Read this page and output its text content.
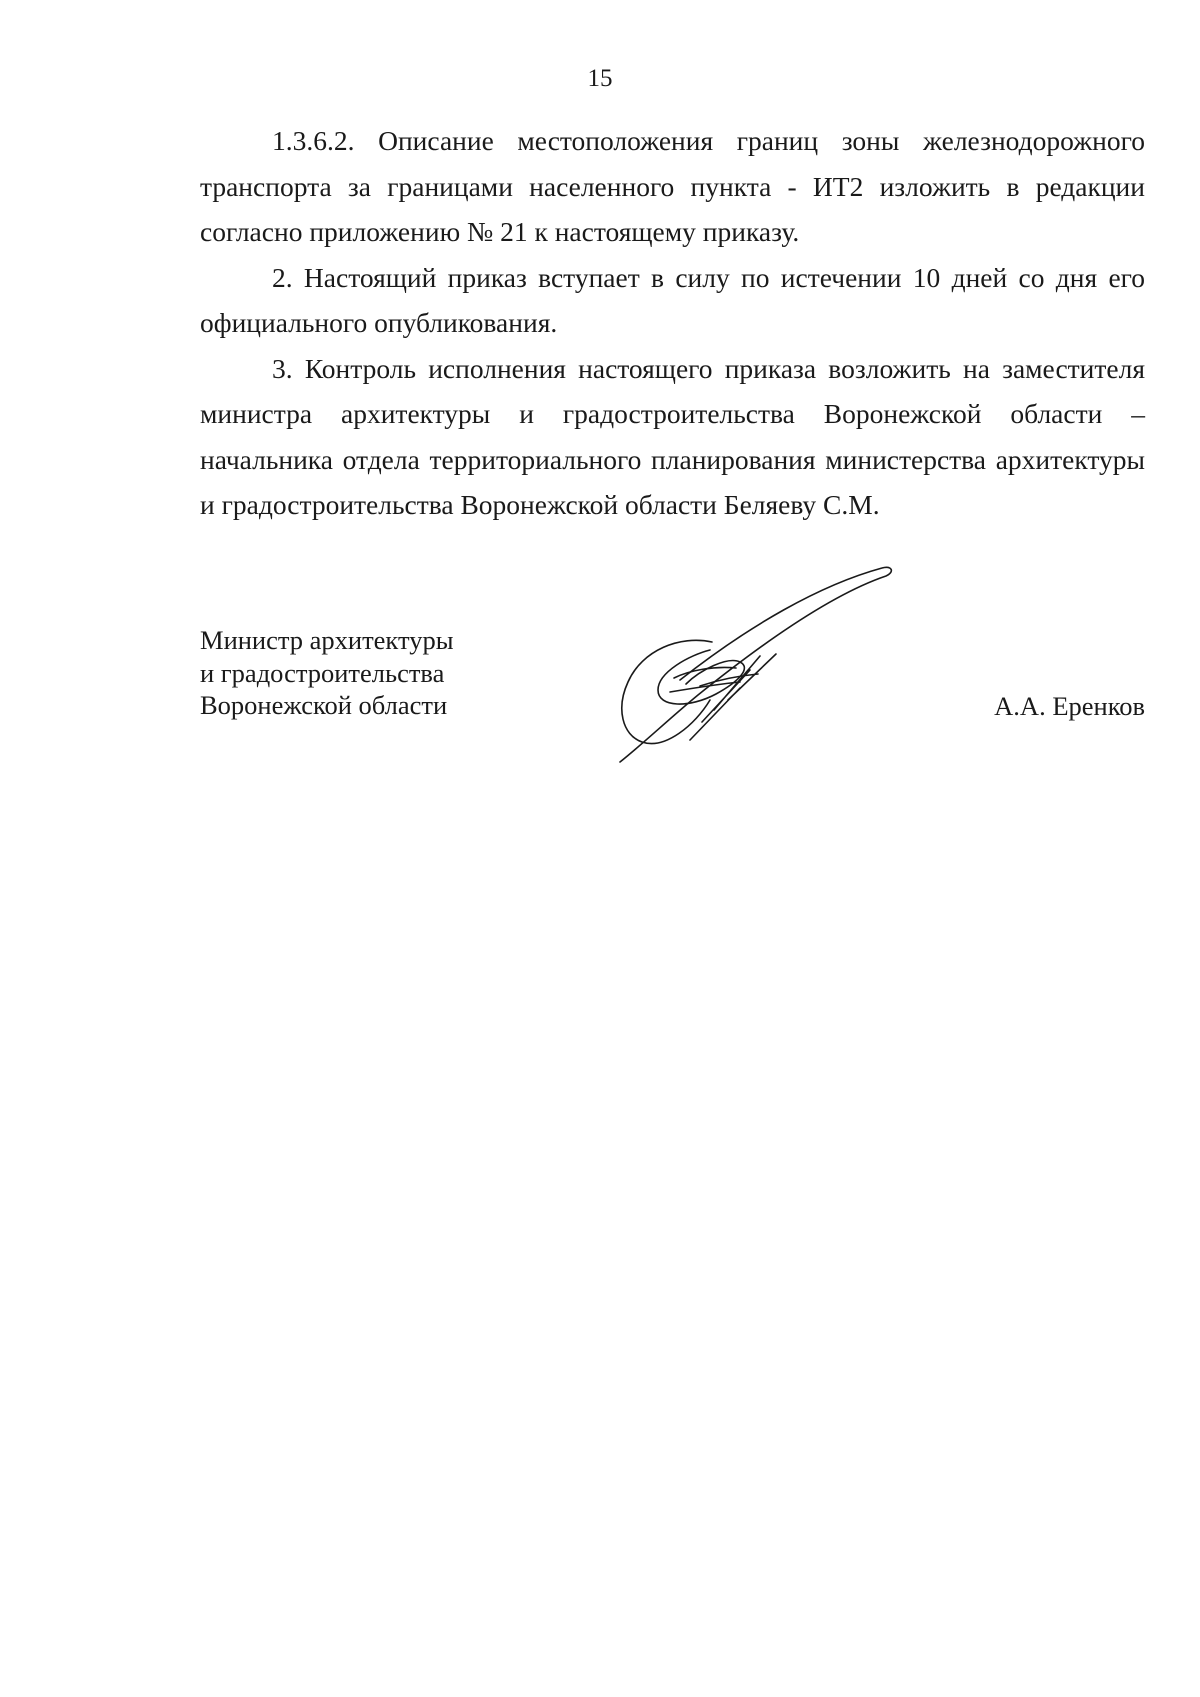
15

1.3.6.2. Описание местоположения границ зоны железнодорожного транспорта за границами населенного пункта - ИТ2 изложить в редакции согласно приложению № 21 к настоящему приказу.

2. Настоящий приказ вступает в силу по истечении 10 дней со дня его официального опубликования.

3. Контроль исполнения настоящего приказа возложить на заместителя министра архитектуры и градостроительства Воронежской области – начальника отдела территориального планирования министерства архитектуры и градостроительства Воронежской области Беляеву С.М.

Министр архитектуры
и градостроительства
Воронежской области	А.А. Еренков
